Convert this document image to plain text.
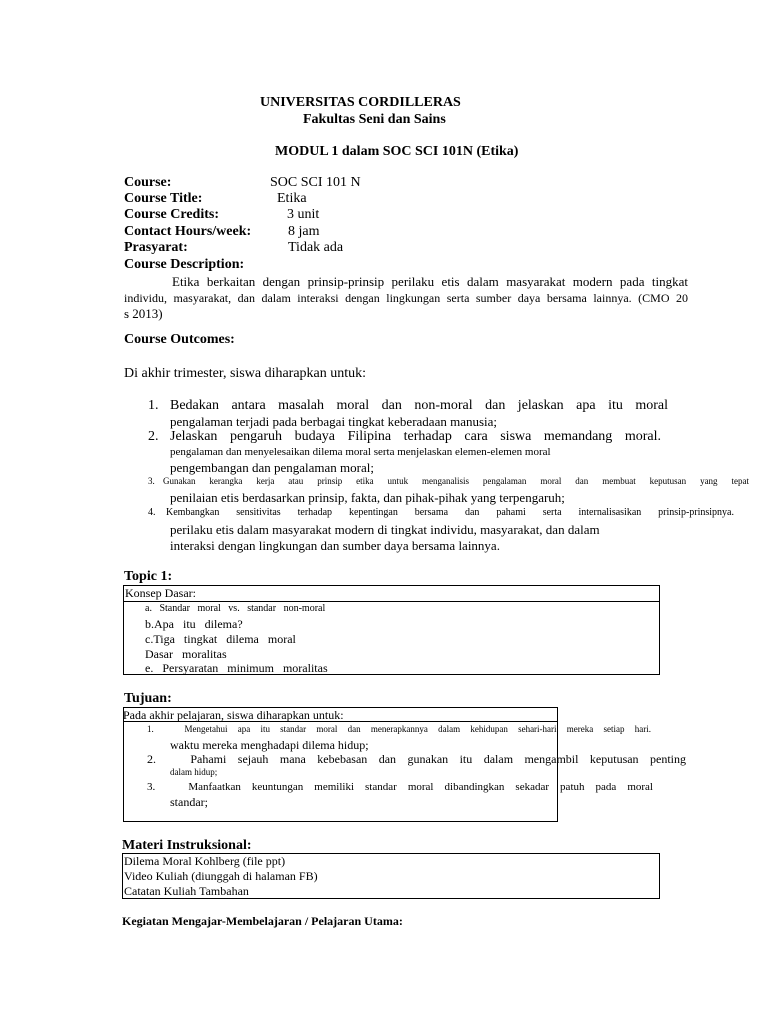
UNIVERSITAS CORDILLERAS
Fakultas Seni dan Sains
MODUL 1 dalam SOC SCI 101N (Etika)
Course:	SOC SCI 101 N
Course Title:	Etika
Course Credits:	3 unit
Contact Hours/week:	8 jam
Prasyarat:	Tidak ada
Course Description:
Etika berkaitan dengan prinsip-prinsip perilaku etis dalam masyarakat modern pada tingkat
individu, masyarakat, dan dalam interaksi dengan lingkungan serta sumber daya bersama lainnya. (CMO 20
s 2013)
Course Outcomes:
Di akhir trimester, siswa diharapkan untuk:
1. Bedakan antara masalah moral dan non-moral dan jelaskan apa itu moral
pengalaman terjadi pada berbagai tingkat keberadaan manusia;
2. Jelaskan pengaruh budaya Filipina terhadap cara siswa memandang moral.
pengalaman dan menyelesaikan dilema moral serta menjelaskan elemen-elemen moral
pengembangan dan pengalaman moral;
3. Gunakan kerangka kerja atau prinsip etika untuk menganalisis pengalaman moral dan membuat keputusan yang tepat
penilaian etis berdasarkan prinsip, fakta, dan pihak-pihak yang terpengaruh;
4. Kembangkan sensitivitas terhadap kepentingan bersama dan pahami serta internalisasikan prinsip-prinsipnya.
perilaku etis dalam masyarakat modern di tingkat individu, masyarakat, dan dalam
interaksi dengan lingkungan dan sumber daya bersama lainnya.
Topic 1:
Konsep Dasar:
a.   Standar   moral   vs.   standar   non-moral
b.Apa   itu   dilema?
c.Tiga   tingkat   dilema   moral
Dasar   moralitas
e.   Persyaratan   minimum   moralitas
Tujuan:
Pada akhir pelajaran, siswa diharapkan untuk:
1.   Mengetahui apa itu standar moral dan menerapkannya dalam kehidupan sehari-hari mereka setiap hari.
waktu mereka menghadapi dilema hidup;
2.   Pahami sejauh mana kebebasan dan gunakan itu dalam mengambil keputusan penting
dalam hidup;
3.   Manfaatkan keuntungan memiliki standar moral dibandingkan sekadar patuh pada moral
standar;
Materi Instruksional:
Dilema Moral Kohlberg (file ppt)
Video Kuliah (diunggah di halaman FB)
Catatan Kuliah Tambahan
Kegiatan Mengajar-Membelajaran / Pelajaran Utama:
